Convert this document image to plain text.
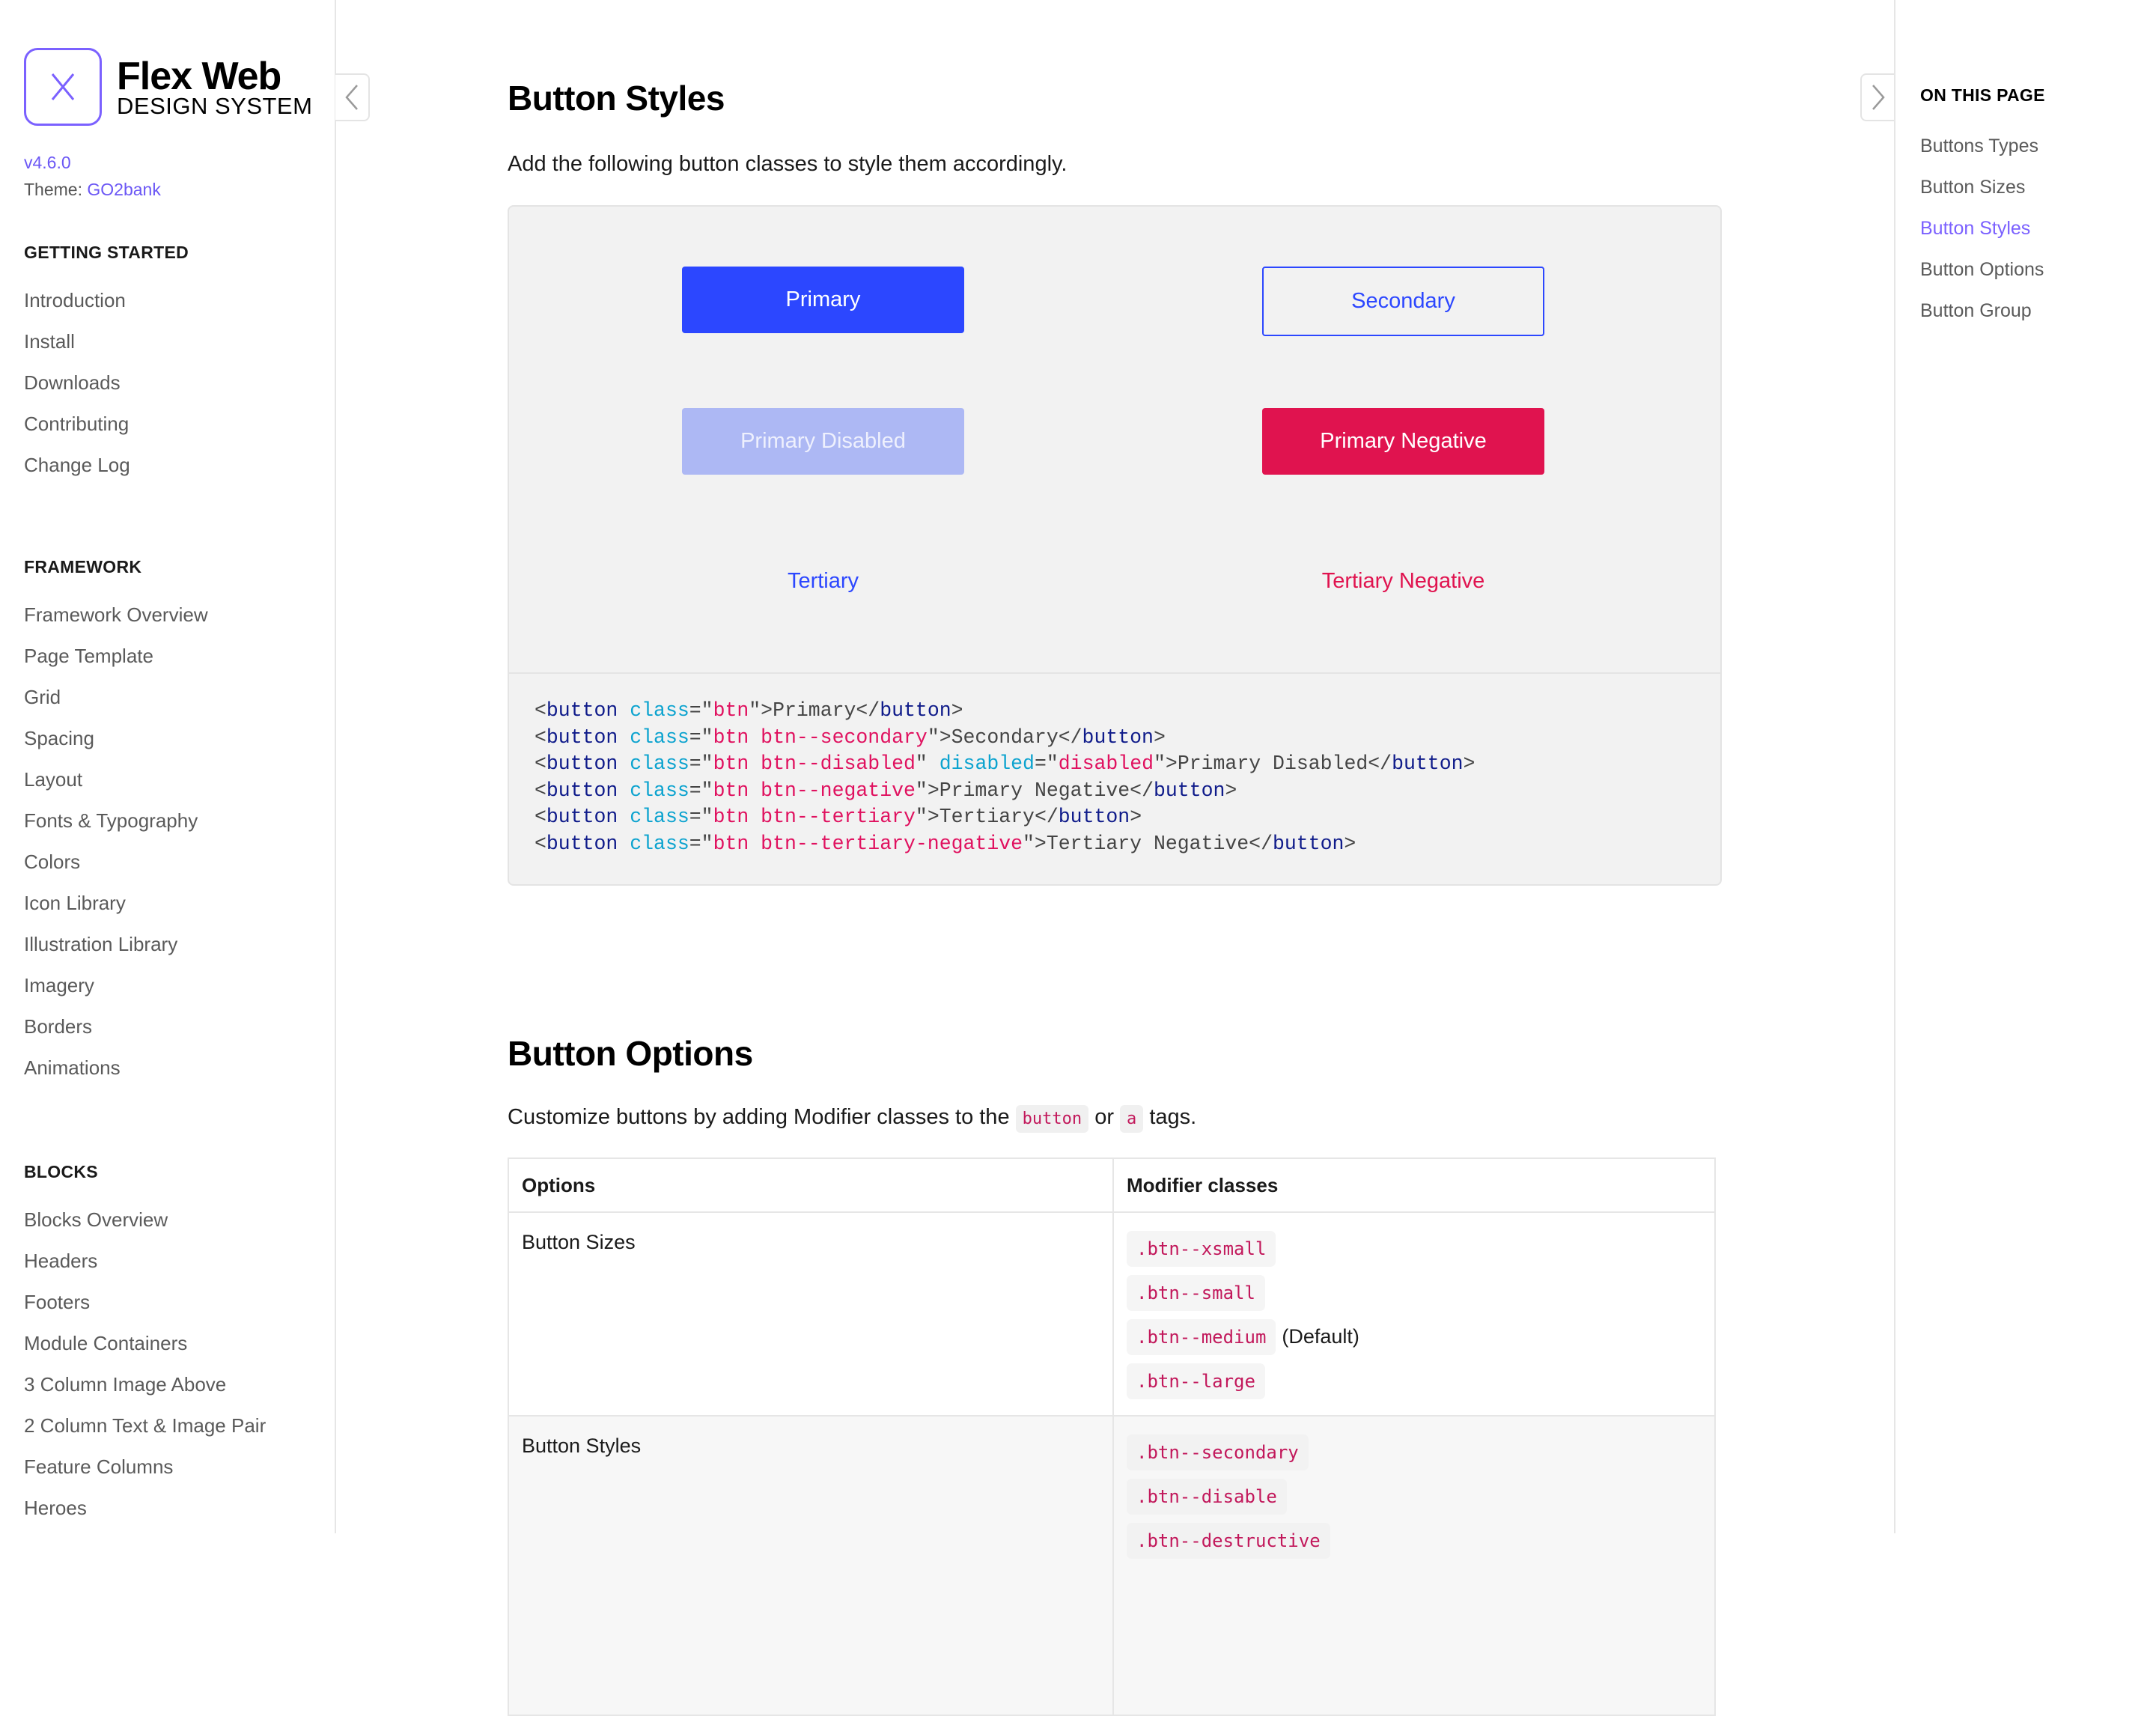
Flex Web
DESIGN SYSTEM
v4.6.0
Theme: GO2bank
GETTING STARTED
Introduction
Install
Downloads
Contributing
Change Log
FRAMEWORK
Framework Overview
Page Template
Grid
Spacing
Layout
Fonts & Typography
Colors
Icon Library
Illustration Library
Imagery
Borders
Animations
BLOCKS
Blocks Overview
Headers
Footers
Module Containers
3 Column Image Above
2 Column Text & Image Pair
Feature Columns
Heroes
Button Styles

Add the following button classes to style them accordingly.

Primary	Secondary
Primary Disabled	Primary Negative
Tertiary	Tertiary Negative
<button class="btn">Primary</button>
<button class="btn btn--secondary">Secondary</button>
<button class="btn btn--disabled" disabled="disabled">Primary Disabled</button>
<button class="btn btn--negative">Primary Negative</button>
<button class="btn btn--tertiary">Tertiary</button>
<button class="btn btn--tertiary-negative">Tertiary Negative</button>
Button Options

Customize buttons by adding Modifier classes to the button or a tags.

Options	Modifier classes
Button Sizes	.btn--xsmall
.btn--small
.btn--medium (Default)
.btn--large
Button Styles	.btn--secondary
.btn--disable
.btn--destructive
ON THIS PAGE
Buttons Types
Button Sizes
Button Styles
Button Options
Button Group
